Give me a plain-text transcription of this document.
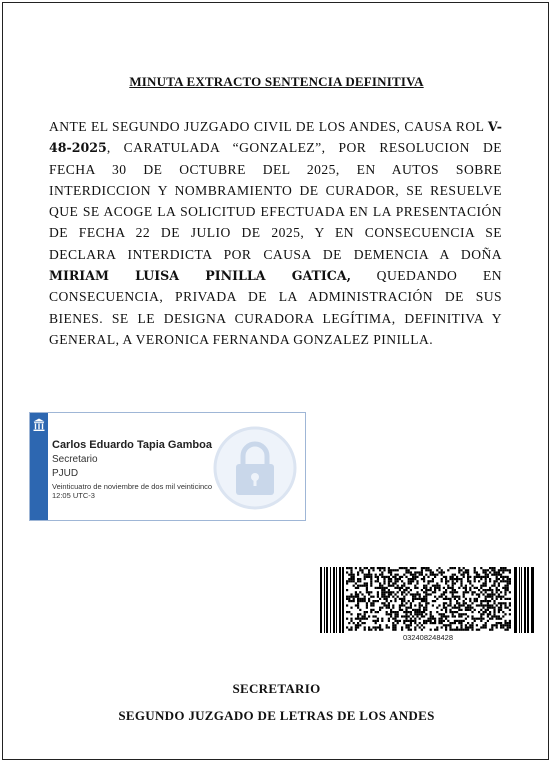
MINUTA EXTRACTO SENTENCIA DEFINITIVA
ANTE EL SEGUNDO JUZGADO CIVIL DE LOS ANDES, CAUSA ROL V-48-2025, CARATULADA “GONZALEZ”, POR RESOLUCION DE FECHA 30 DE OCTUBRE DEL 2025, EN AUTOS SOBRE INTERDICCION Y NOMBRAMIENTO DE CURADOR, SE RESUELVE QUE SE ACOGE LA SOLICITUD EFECTUADA EN LA PRESENTACIÓN DE FECHA 22 DE JULIO DE 2025, Y EN CONSECUENCIA SE DECLARA INTERDICTA POR CAUSA DE DEMENCIA A DOÑA MIRIAM LUISA PINILLA GATICA, QUEDANDO EN CONSECUENCIA, PRIVADA DE LA ADMINISTRACIÓN DE SUS BIENES. SE LE DESIGNA CURADORA LEGÍTIMA, DEFINITIVA Y GENERAL, A VERONICA FERNANDA GONZALEZ PINILLA.
Carlos Eduardo Tapia Gamboa
Secretario
PJUD
Veinticuatro de noviembre de dos mil veinticinco
12:05 UTC-3
032408248428
SECRETARIO
SEGUNDO JUZGADO DE LETRAS DE LOS ANDES
